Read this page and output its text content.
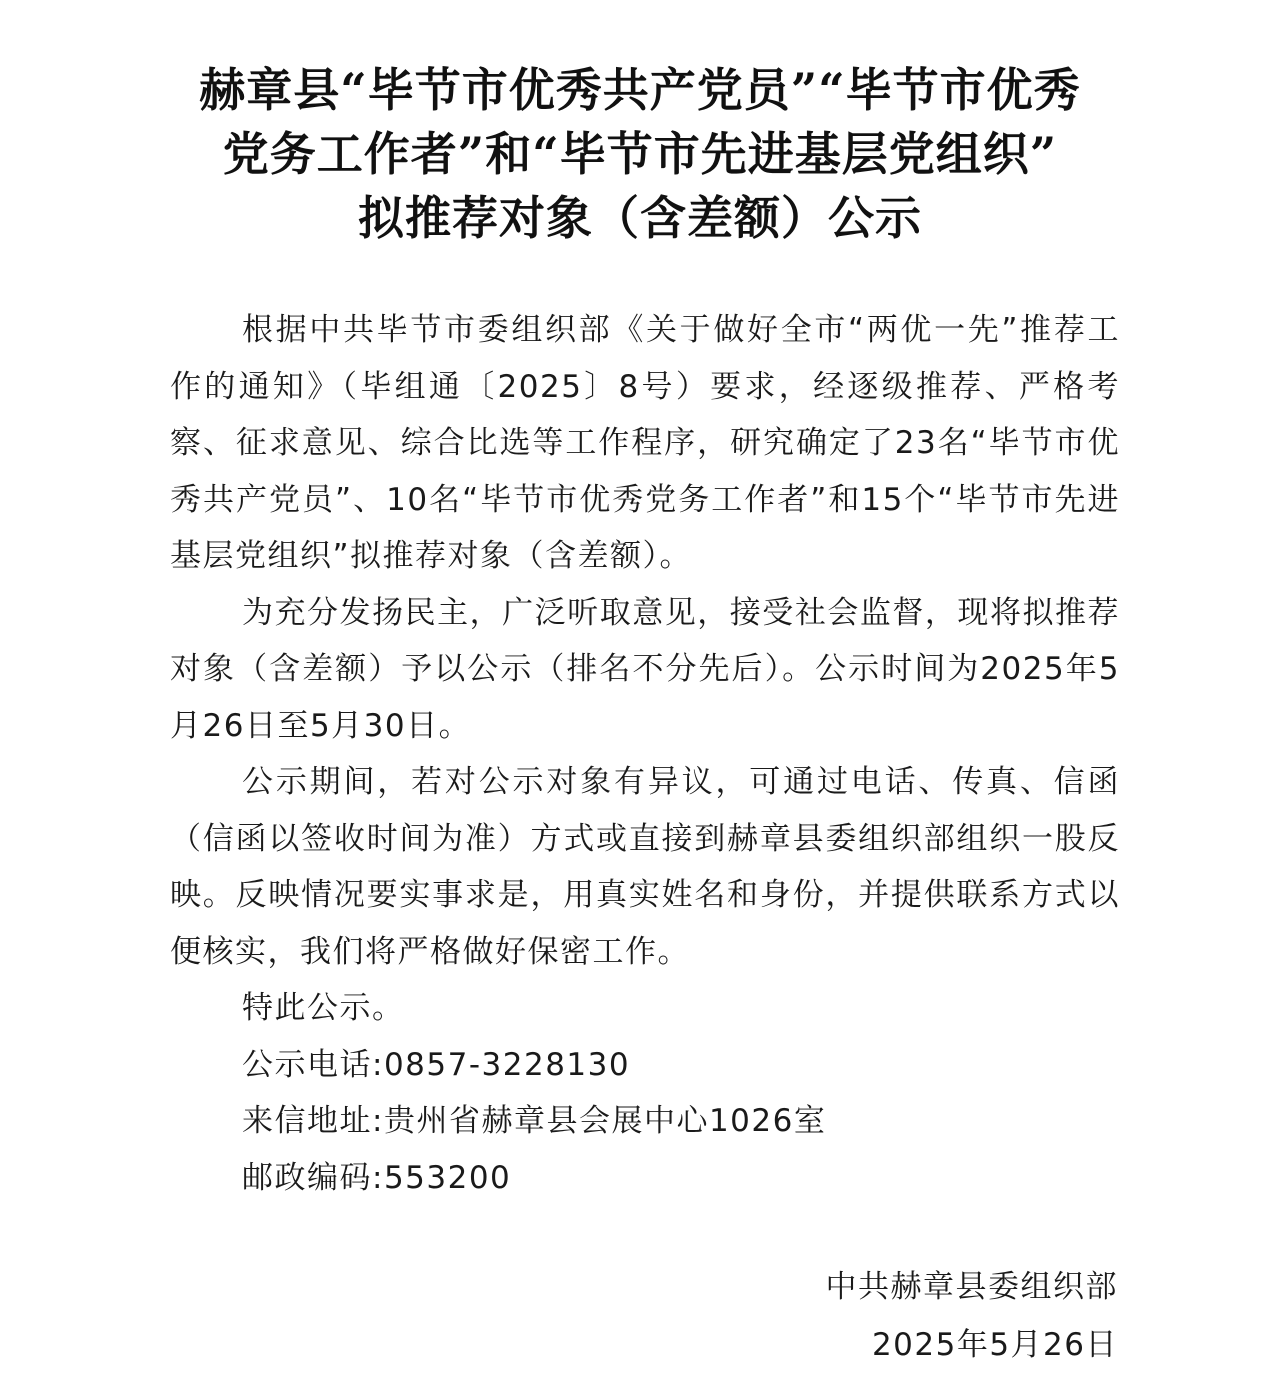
赫章县“毕节市优秀共产党员”“毕节市优秀
党务工作者”和“毕节市先进基层党组织”
拟推荐对象（含差额）公示

根据中共毕节市委组织部《关于做好全市“两优一先”推荐工作的通知》（毕组通〔2025〕8号）要求，经逐级推荐、严格考察、征求意见、综合比选等工作程序，研究确定了23名“毕节市优秀共产党员”、10名“毕节市优秀党务工作者”和15个“毕节市先进基层党组织”拟推荐对象（含差额）。

为充分发扬民主，广泛听取意见，接受社会监督，现将拟推荐对象（含差额）予以公示（排名不分先后）。公示时间为2025年5月26日至5月30日。

公示期间，若对公示对象有异议，可通过电话、传真、信函（信函以签收时间为准）方式或直接到赫章县委组织部组织一股反映。反映情况要实事求是，用真实姓名和身份，并提供联系方式以便核实，我们将严格做好保密工作。

特此公示。

公示电话:0857-3228130

来信地址:贵州省赫章县会展中心1026室

邮政编码:553200

中共赫章县委组织部
2025年5月26日
